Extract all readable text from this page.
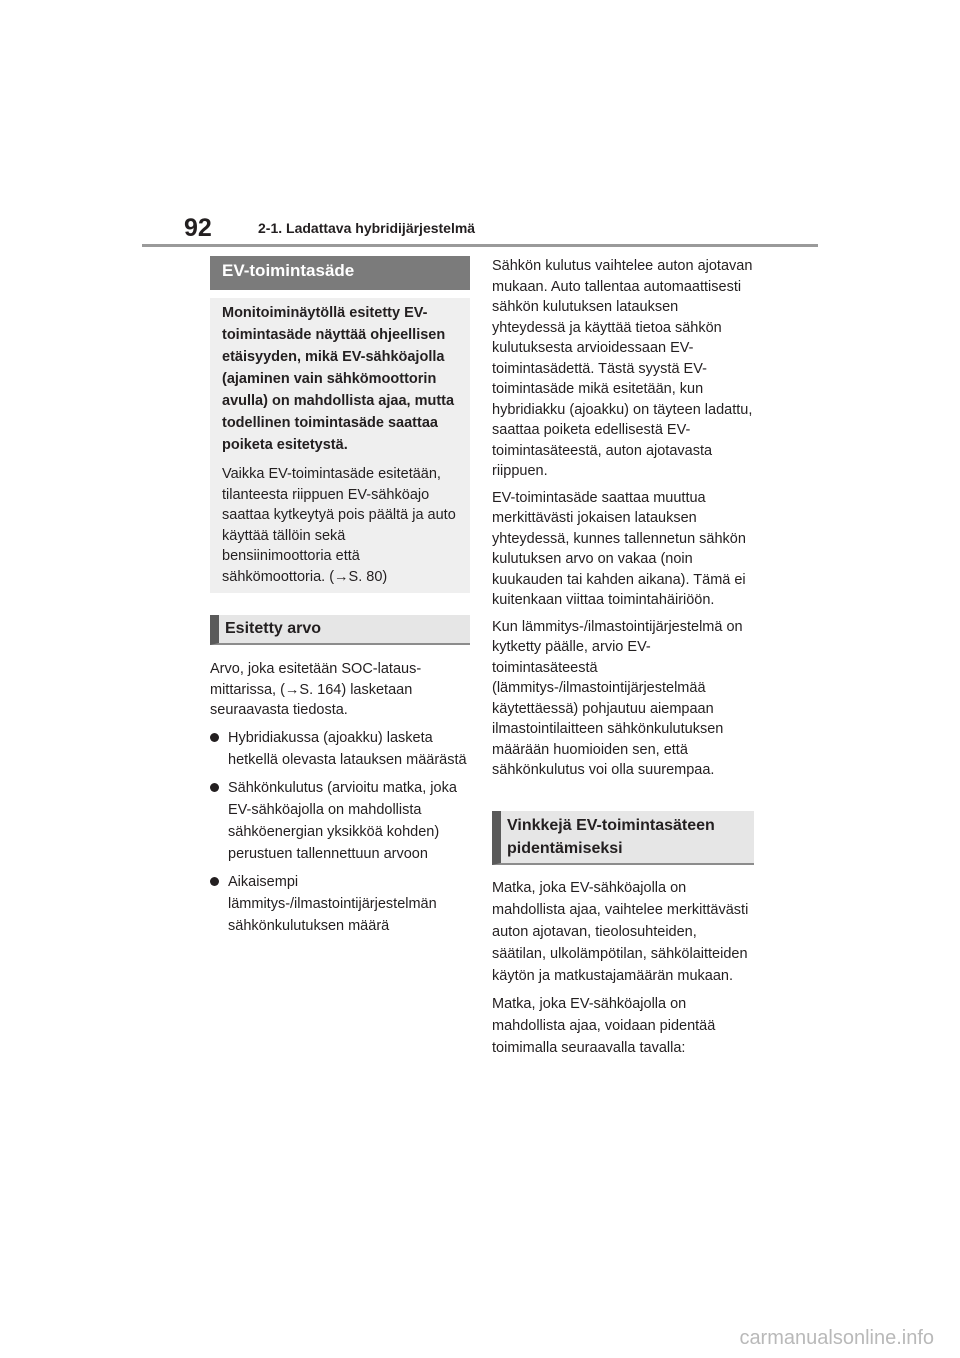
92	2-1. Ladattava hybridijärjestelmä
EV-toimintasäde

Monitoiminäytöllä esitetty EV-toimintasäde näyttää ohjeellisen etäisyyden, mikä EV-sähköajolla (ajaminen vain sähkömoottorin avulla) on mahdollista ajaa, mutta todellinen toimintasäde saattaa poiketa esitetystä.

Vaikka EV-toimintasäde esitetään, tilanteesta riippuen EV-sähköajo saattaa kytkeytyä pois päältä ja auto käyttää tällöin sekä bensiinimoottoria että sähkömoottoria. (→S. 80)

Esitetty arvo

Arvo, joka esitetään SOC-lataus-mittarissa, (→S. 164) lasketaan seuraavasta tiedosta.

Hybridiakussa (ajoakku) lasketa hetkellä olevasta latauksen määrästä
Sähkönkulutus (arvioitu matka, joka EV-sähköajolla on mahdollista sähköenergian yksikköä kohden) perustuen tallennettuun arvoon
Aikaisempi lämmitys-/ilmastointijärjestelmän sähkönkulutuksen määrä

Sähkön kulutus vaihtelee auton ajotavan mukaan. Auto tallentaa automaattisesti sähkön kulutuksen latauksen yhteydessä ja käyttää tietoa sähkön kulutuksesta arvioidessaan EV-toimintasädettä. Tästä syystä EV-toimintasäde mikä esitetään, kun hybridiakku (ajoakku) on täyteen ladattu, saattaa poiketa edellisestä EV-toimintasäteestä, auton ajotavasta riippuen.

EV-toimintasäde saattaa muuttua merkittävästi jokaisen latauksen yhteydessä, kunnes tallennetun sähkön kulutuksen arvo on vakaa (noin kuukauden tai kahden aikana). Tämä ei kuitenkaan viittaa toimintahäiriöön.

Kun lämmitys-/ilmastointijärjestelmä on kytketty päälle, arvio EV-toimintasäteestä (lämmitys-/ilmastointijärjestelmää käytettäessä) pohjautuu aiempaan ilmastointilaitteen sähkönkulutuksen määrään huomioiden sen, että sähkönkulutus voi olla suurempaa.

Vinkkejä EV-toimintasäteen pidentämiseksi

Matka, joka EV-sähköajolla on mahdollista ajaa, vaihtelee merkittävästi auton ajotavan, tieolosuhteiden, säätilan, ulkolämpötilan, sähkölaitteiden käytön ja matkustajamäärän mukaan.

Matka, joka EV-sähköajolla on mahdollista ajaa, voidaan pidentää toimimalla seuraavalla tavalla:

carmanualsonline.info
